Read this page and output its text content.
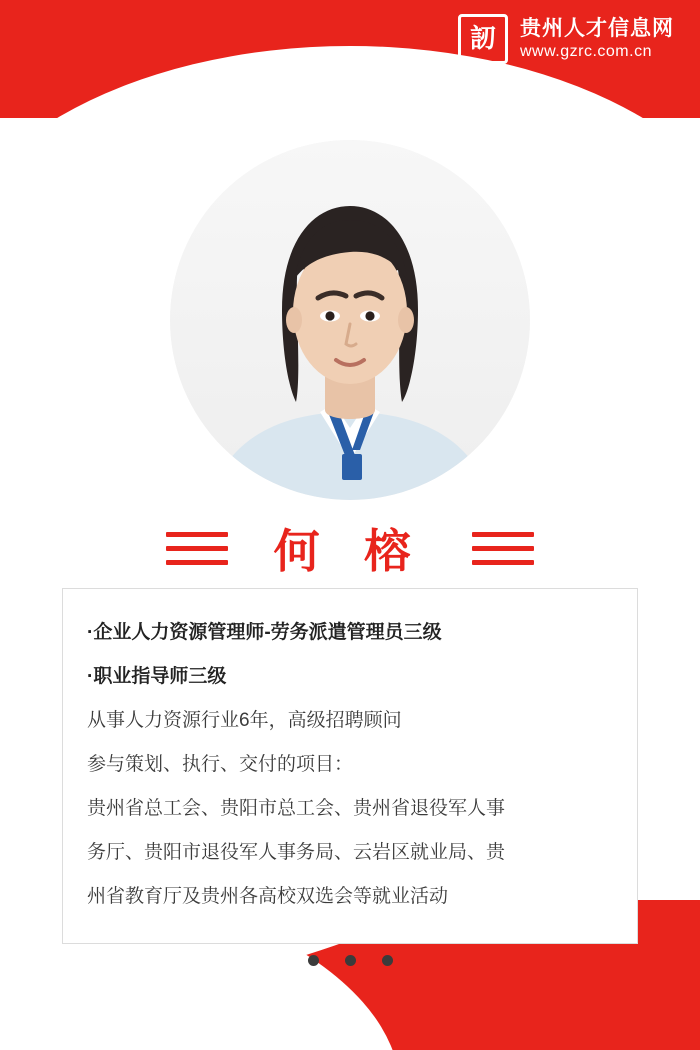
訒	贵州人才信息网
www.gzrc.com.cn
何 榕
·企业人力资源管理师-劳务派遣管理员三级
·职业指导师三级
从事人力资源行业6年，高级招聘顾问
参与策划、执行、交付的项目：
贵州省总工会、贵阳市总工会、贵州省退役军人事
务厅、贵阳市退役军人事务局、云岩区就业局、贵
州省教育厅及贵州各高校双选会等就业活动
